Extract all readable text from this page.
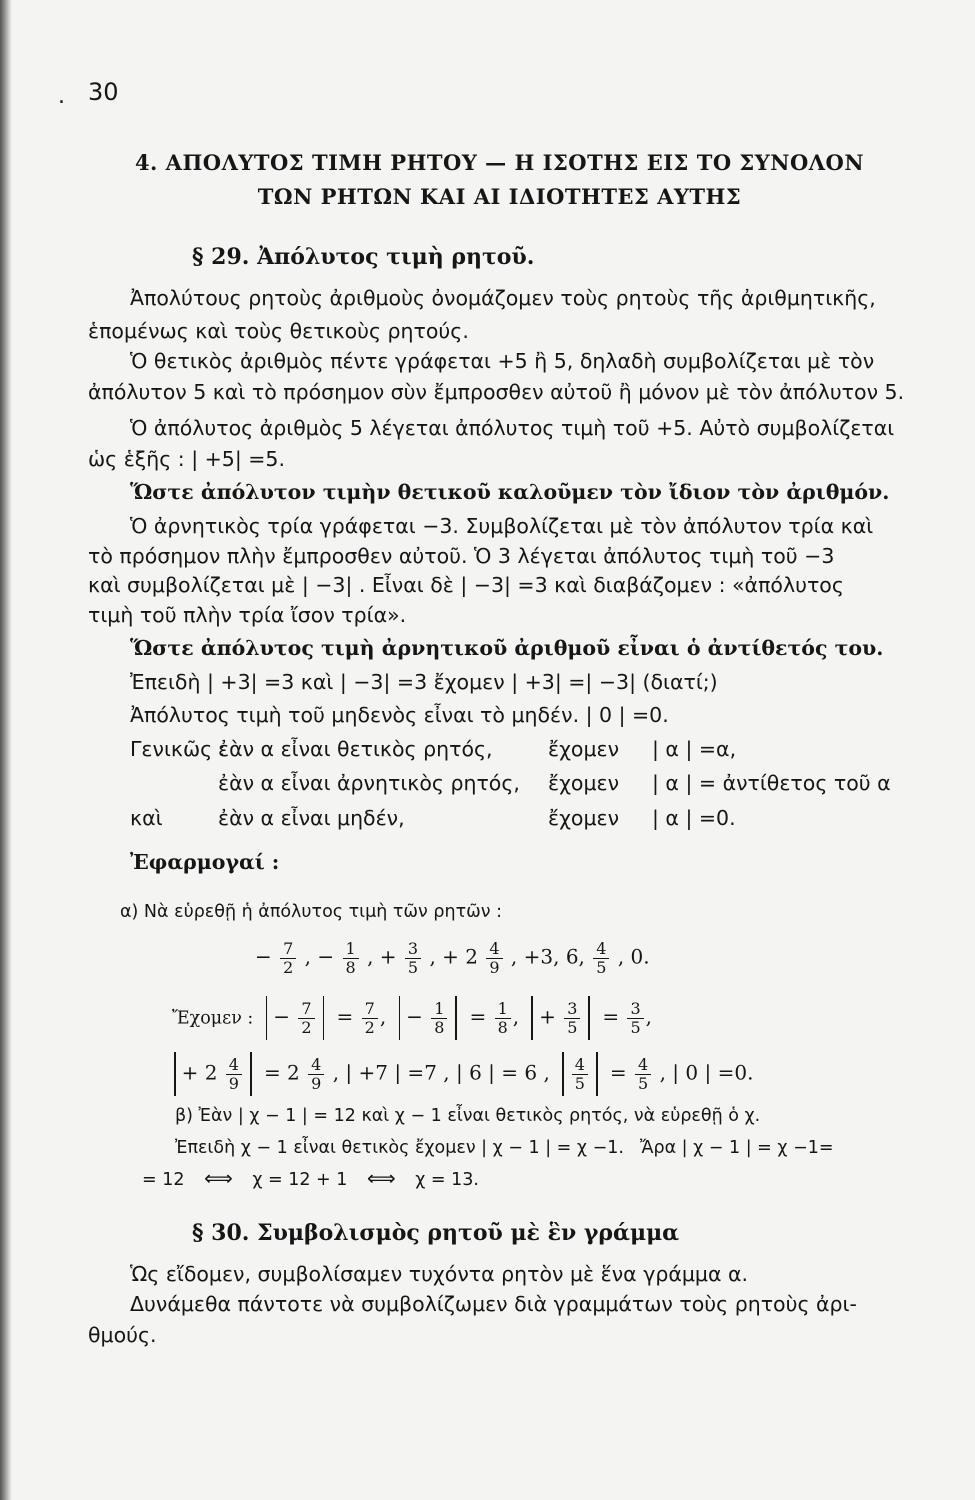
. 30
4. ΑΠΟΛΥΤΟΣ ΤΙΜΗ ΡΗΤΟΥ — Η ΙΣΟΤΗΣ ΕΙΣ ΤΟ ΣΥΝΟΛΟΝ
ΤΩΝ ΡΗΤΩΝ ΚΑΙ ΑΙ ΙΔΙΟΤΗΤΕΣ ΑΥΤΗΣ
§ 29. Ἀπόλυτος τιμὴ ρητοῦ.
Ἀπολύτους ρητοὺς ἀριθμοὺς ὀνομάζομεν τοὺς ρητοὺς τῆς ἀριθμητικῆς,
ἑπομένως καὶ τοὺς θετικοὺς ρητούς.
Ὁ θετικὸς ἀριθμὸς πέντε γράφεται +5 ἢ 5, δηλαδὴ συμβολίζεται μὲ τὸν
ἀπόλυτον 5 καὶ τὸ πρόσημον σὺν ἔμπροσθεν αὐτοῦ ἢ μόνον μὲ τὸν ἀπόλυτον 5.
Ὁ ἀπόλυτος ἀριθμὸς 5 λέγεται ἀπόλυτος τιμὴ τοῦ +5. Αὐτὸ συμβολίζεται
ὡς ἑξῆς : | +5| =5.
Ὥστε ἀπόλυτον τιμὴν θετικοῦ καλοῦμεν τὸν ἴδιον τὸν ἀριθμόν.
Ὁ ἀρνητικὸς τρία γράφεται −3. Συμβολίζεται μὲ τὸν ἀπόλυτον τρία καὶ
τὸ πρόσημον πλὴν ἔμπροσθεν αὐτοῦ. Ὁ 3 λέγεται ἀπόλυτος τιμὴ τοῦ −3
καὶ συμβολίζεται μὲ | −3| . Εἶναι δὲ | −3| =3 καὶ διαβάζομεν : «ἀπόλυτος
τιμὴ τοῦ πλὴν τρία ἴσον τρία».
Ὥστε ἀπόλυτος τιμὴ ἀρνητικοῦ ἀριθμοῦ εἶναι ὁ ἀντίθετός του.
Ἐπειδὴ | +3| =3 καὶ | −3| =3 ἔχομεν | +3| =| −3| (διατί;)
Ἀπόλυτος τιμὴ τοῦ μηδενὸς εἶναι τὸ μηδέν. | 0 | =0.
Γενικῶς :
ἐὰν α εἶναι θετικὸς ρητός,	ἔχομεν | α | =α,
ἐὰν α εἶναι ἀρνητικὸς ρητός, ἔχομεν | α | = ἀντίθετος τοῦ α
καὶ	ἐὰν α εἶναι μηδέν,	ἔχομεν | α | =0.
Ἐφαρμογαί :
α) Νὰ εὑρεθῇ ἡ ἀπόλυτος τιμὴ τῶν ρητῶν :
− $\frac{7}{2}$ , − $\frac{1}{8}$ , + $\frac{3}{5}$ , + $2 \frac{4}{9}$ , +3, 6, $\frac{4}{5}$ , 0.
Ἔχομεν : − $\frac{7}{2} = \frac{7}{2}$ , − $\frac{1}{8} = \frac{1}{8}$ , + $\frac{3}{5} = \frac{3}{5}$ ,
+ $2 \frac{4}{9} = 2 \frac{4}{9}$ , | +7 | =7 , | 6 | = 6 , $\frac{4}{5} = \frac{4}{5}$ , | 0 | =0.
β) Ἐὰν | χ − 1 | = 12 καὶ χ − 1 εἶναι θετικὸς ρητός, νὰ εὑρεθῇ ὁ χ.
Ἐπειδὴ χ − 1 εἶναι θετικὸς ἔχομεν | χ − 1 | = χ −1. Ἄρα | χ − 1 | = χ −1=
= 12 ⟺ χ = 12 + 1 ⟺ χ = 13.
§ 30. Συμβολισμὸς ρητοῦ μὲ ἓν γράμμα
Ὡς εἴδομεν, συμβολίσαμεν τυχόντα ρητὸν μὲ ἕνα γράμμα α.
Δυνάμεθα πάντοτε νὰ συμβολίζωμεν διὰ γραμμάτων τοὺς ρητοὺς ἀρι-
θμούς.
